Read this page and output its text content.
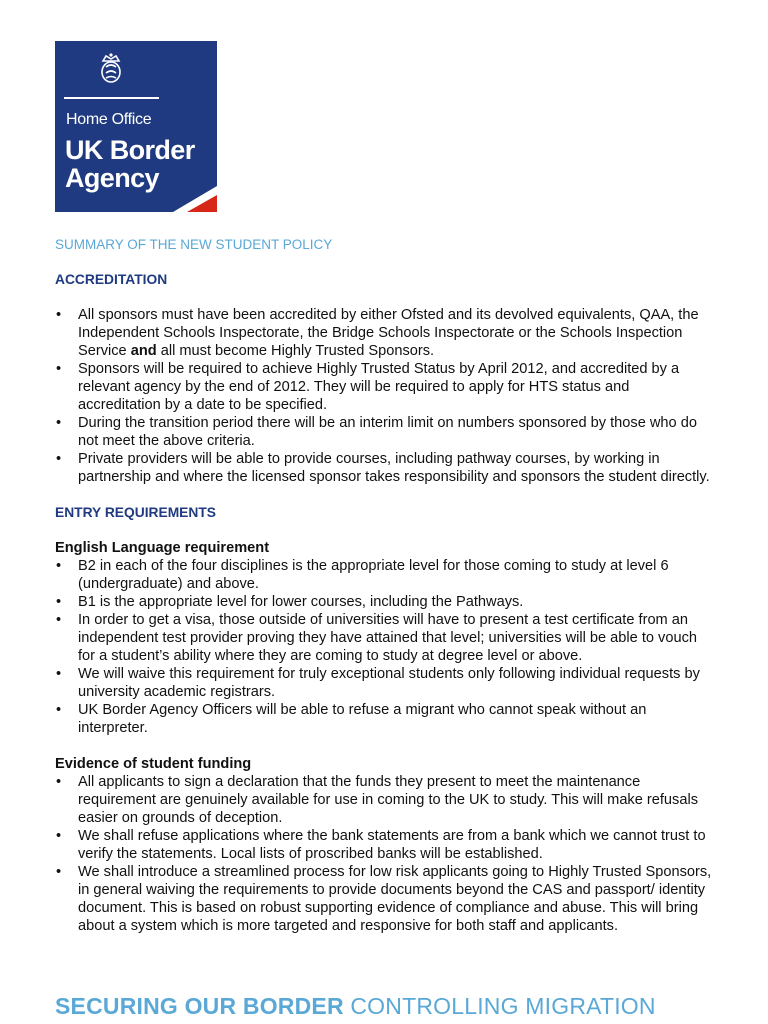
Home Office
UK Border
Agency
SUMMARY OF THE NEW STUDENT POLICY
ACCREDITATION
• All sponsors must have been accredited by either Ofsted and its devolved equivalents, QAA, the Independent Schools Inspectorate, the Bridge Schools Inspectorate or the Schools Inspection Service and all must become Highly Trusted Sponsors.
• Sponsors will be required to achieve Highly Trusted Status by April 2012, and accredited by a relevant agency by the end of 2012. They will be required to apply for HTS status and accreditation by a date to be specified.
• During the transition period there will be an interim limit on numbers sponsored by those who do not meet the above criteria.
• Private providers will be able to provide courses, including pathway courses, by working in partnership and where the licensed sponsor takes responsibility and sponsors the student directly.
ENTRY REQUIREMENTS
English Language requirement
• B2 in each of the four disciplines is the appropriate level for those coming to study at level 6 (undergraduate) and above.
• B1 is the appropriate level for lower courses, including the Pathways.
• In order to get a visa, those outside of universities will have to present a test certificate from an independent test provider proving they have attained that level; universities will be able to vouch for a student’s ability where they are coming to study at degree level or above.
• We will waive this requirement for truly exceptional students only following individual requests by university academic registrars.
• UK Border Agency Officers will be able to refuse a migrant who cannot speak without an interpreter.
Evidence of student funding
• All applicants to sign a declaration that the funds they present to meet the maintenance requirement are genuinely available for use in coming to the UK to study. This will make refusals easier on grounds of deception.
• We shall refuse applications where the bank statements are from a bank which we cannot trust to verify the statements. Local lists of proscribed banks will be established.
• We shall introduce a streamlined process for low risk applicants going to Highly Trusted Sponsors, in general waiving the requirements to provide documents beyond the CAS and passport/ identity document. This is based on robust supporting evidence of compliance and abuse. This will bring about a system which is more targeted and responsive for both staff and applicants.
SECURING OUR BORDER CONTROLLING MIGRATION
